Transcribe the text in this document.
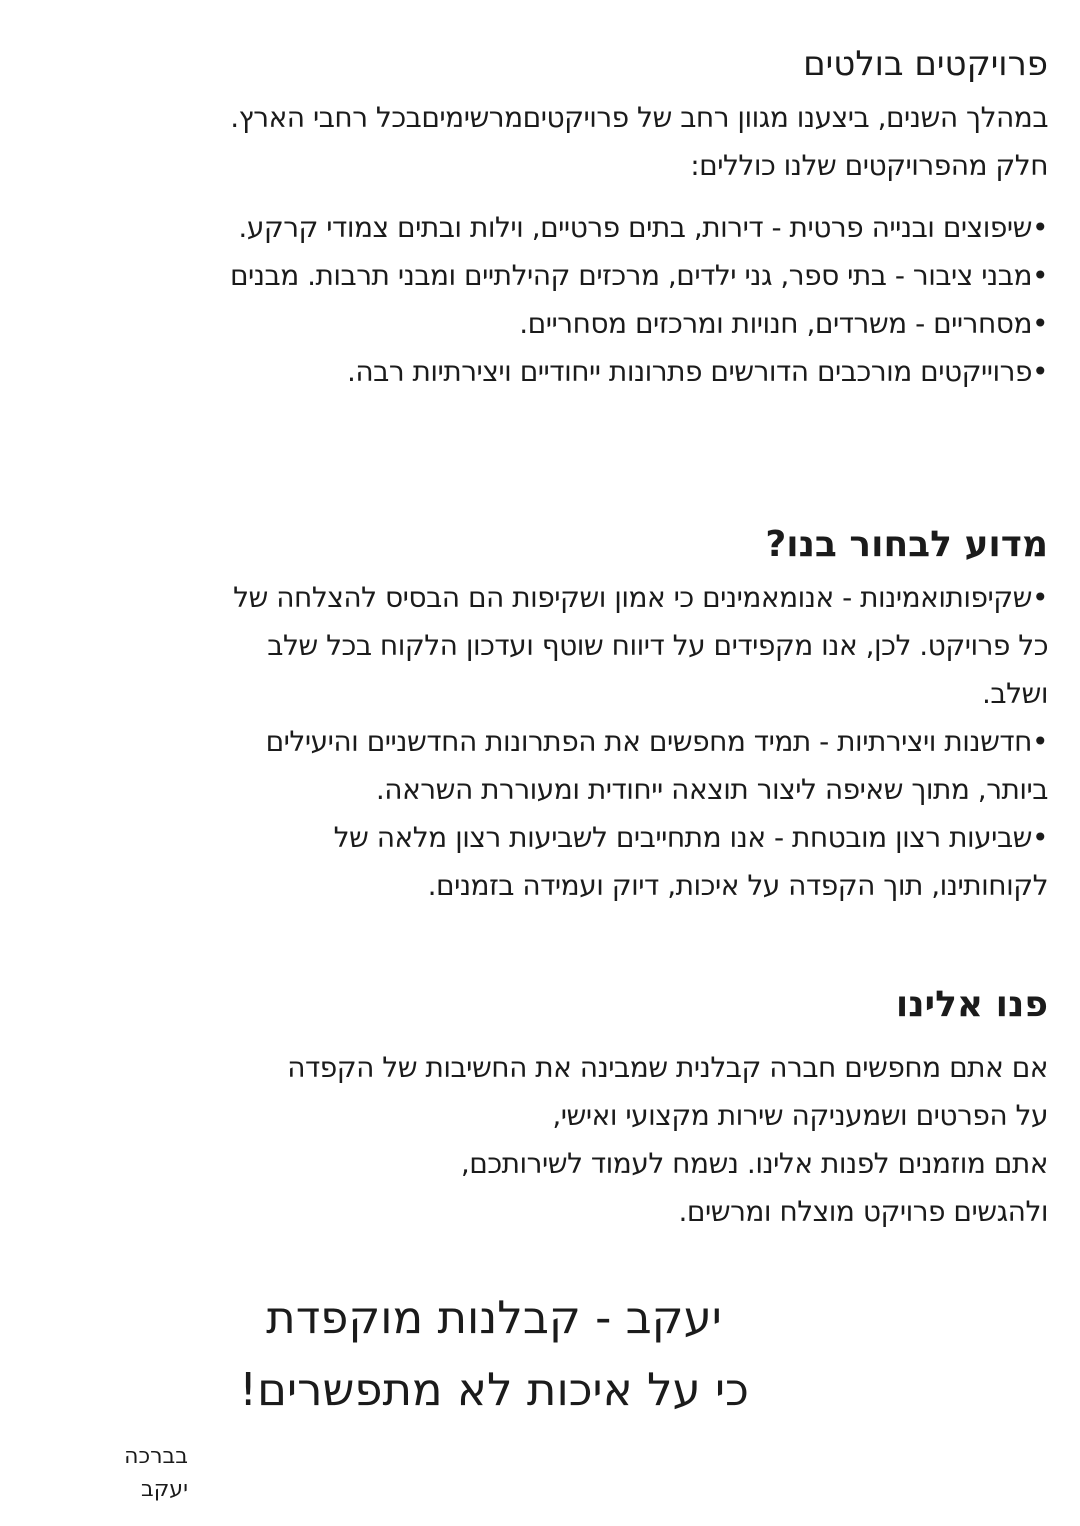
פרויקטים בולטים
במהלך השנים, ביצענו מגוון רחב של פרויקטיםמרשימיםבכל רחבי הארץ.
חלק מהפרויקטים שלנו כוללים:
•שיפוצים ובנייה פרטית - דירות, בתים פרטיים, וילות ובתים צמודי קרקע.
•מבני ציבור - בתי ספר, גני ילדים, מרכזים קהילתיים ומבני תרבות. מבנים
•מסחריים - משרדים, חנויות ומרכזים מסחריים.
•פרוייקטים מורכבים הדורשים פתרונות ייחודיים ויצירתיות רבה.
מדוע לבחור בנו?
•שקיפותואמינות - אנומאמינים כי אמון ושקיפות הם הבסיס להצלחה של
כל פרויקט. לכן, אנו מקפידים על דיווח שוטף ועדכון הלקוח בכל שלב
ושלב.
•חדשנות ויצירתיות - תמיד מחפשים את הפתרונות החדשניים והיעילים
ביותר, מתוך שאיפה ליצור תוצאה ייחודית ומעוררת השראה.
•שביעות רצון מובטחת - אנו מתחייבים לשביעות רצון מלאה של
לקוחותינו, תוך הקפדה על איכות, דיוק ועמידה בזמנים.
פנו אלינו
אם אתם מחפשים חברה קבלנית שמבינה את החשיבות של הקפדה
על הפרטים ושמעניקה שירות מקצועי ואישי,
אתם מוזמנים לפנות אלינו. נשמח לעמוד לשירותכם,
ולהגשים פרויקט מוצלח ומרשים.
יעקב - קבלנות מוקפדת
כי על איכות לא מתפשרים!
בברכה
יעקב
